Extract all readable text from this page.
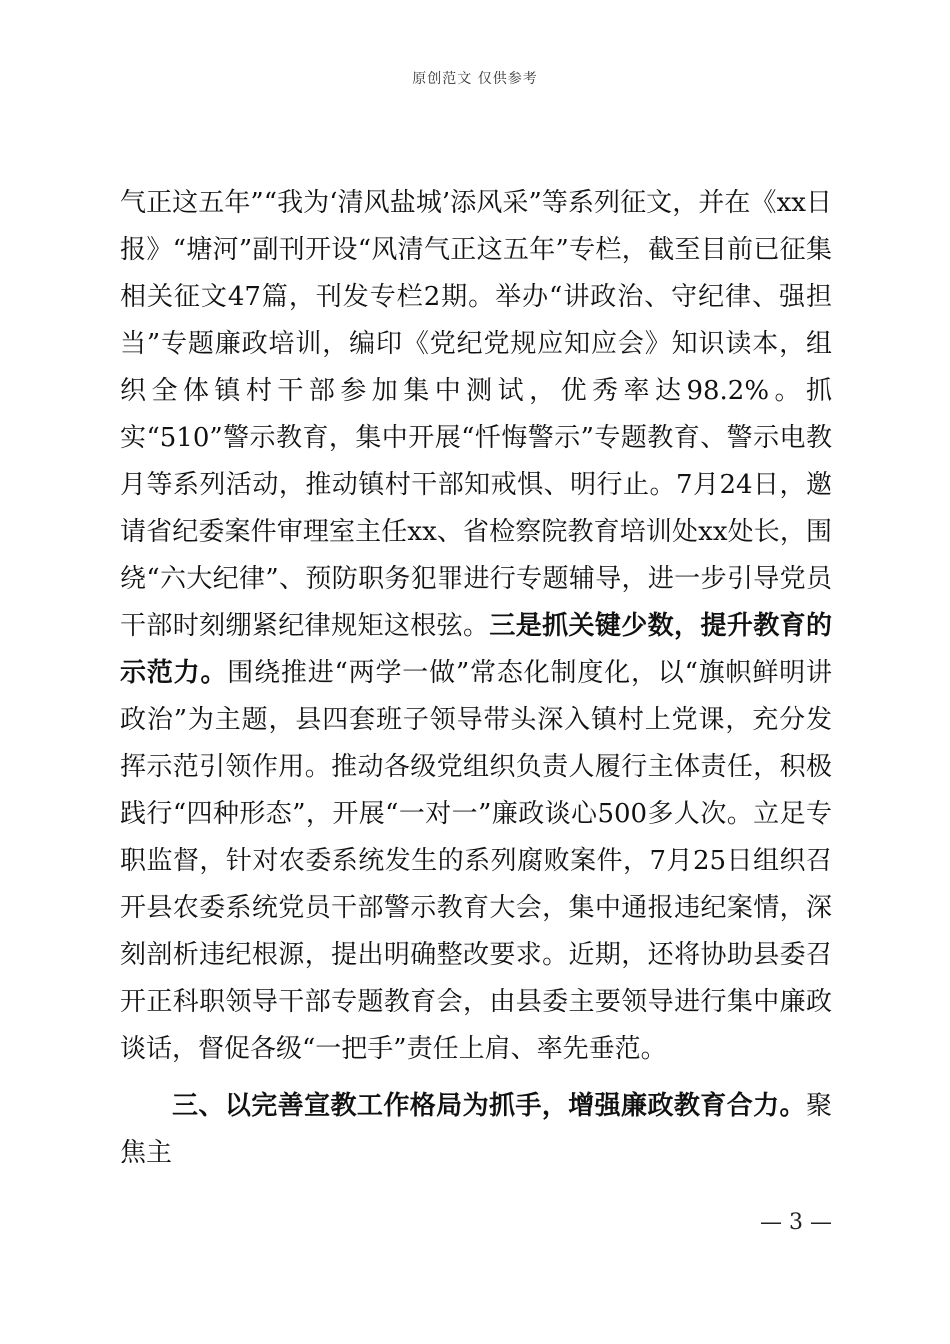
原创范文 仅供参考

气正这五年”“我为‘清风盐城’添风采”等系列征文，并在《xx日报》“塘河”副刊开设“风清气正这五年”专栏，截至目前已征集相关征文47篇，刊发专栏2期。举办“讲政治、守纪律、强担当”专题廉政培训，编印《党纪党规应知应会》知识读本，组织全体镇村干部参加集中测试，优秀率达98.2%。抓实“510”警示教育，集中开展“忏悔警示”专题教育、警示电教月等系列活动，推动镇村干部知戒惧、明行止。7月24日，邀请省纪委案件审理室主任xx、省检察院教育培训处xx处长，围绕“六大纪律”、预防职务犯罪进行专题辅导，进一步引导党员干部时刻绷紧纪律规矩这根弦。三是抓关键少数，提升教育的示范力。围绕推进“两学一做”常态化制度化，以“旗帜鲜明讲政治”为主题，县四套班子领导带头深入镇村上党课，充分发挥示范引领作用。推动各级党组织负责人履行主体责任，积极践行“四种形态”，开展“一对一”廉政谈心500多人次。立足专职监督，针对农委系统发生的系列腐败案件，7月25日组织召开县农委系统党员干部警示教育大会，集中通报违纪案情，深刻剖析违纪根源，提出明确整改要求。近期，还将协助县委召开正科职领导干部专题教育会，由县委主要领导进行集中廉政谈话，督促各级“一把手”责任上肩、率先垂范。

三、以完善宣教工作格局为抓手，增强廉政教育合力。聚焦主

— 3 —
